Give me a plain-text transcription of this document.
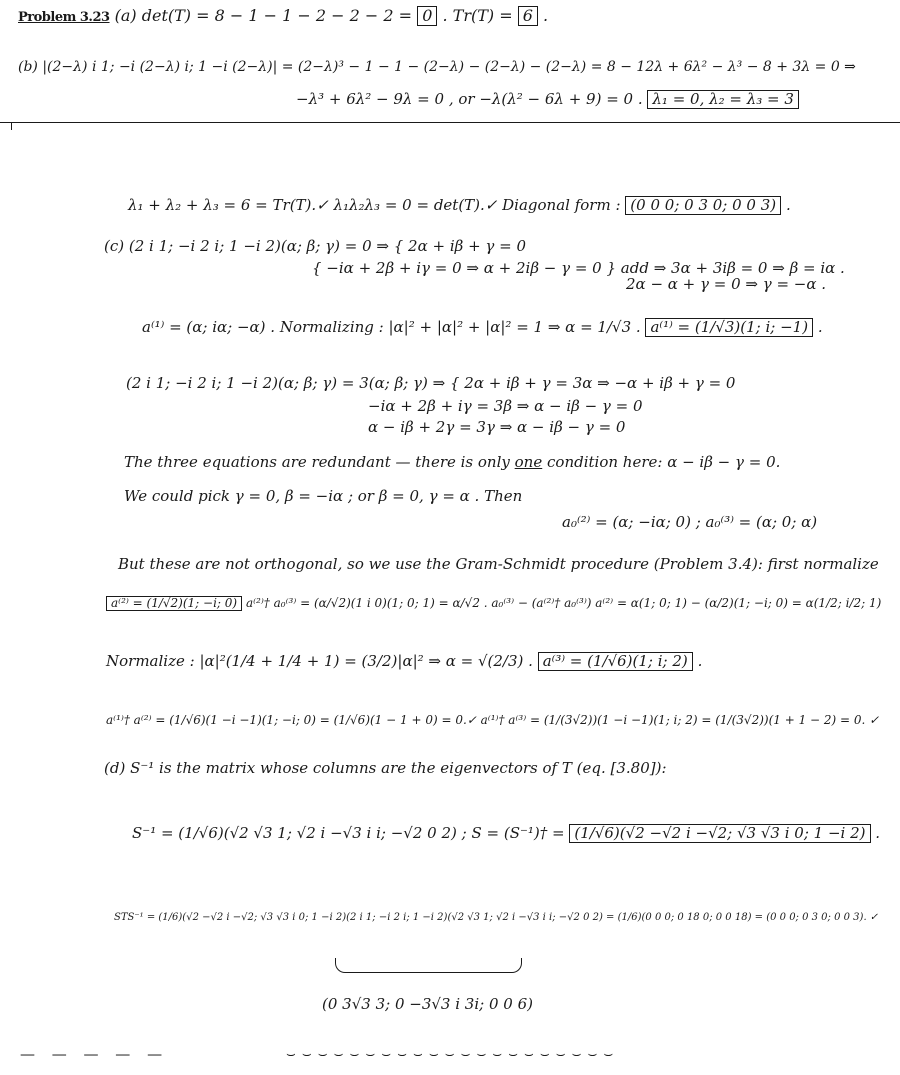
Problem 3.23 (a) det(T) = 8 − 1 − 1 − 2 − 2 − 2 = 0 . Tr(T) = 6 .
(b) |(2−λ) i 1; −i (2−λ) i; 1 −i (2−λ)| = (2−λ)³ − 1 − 1 − (2−λ) − (2−λ) − (2−λ) = 8 − 12λ + 6λ² − λ³ − 8 + 3λ = 0 ⇒
−λ³ + 6λ² − 9λ = 0 , or −λ(λ² − 6λ + 9) = 0 . λ₁ = 0, λ₂ = λ₃ = 3
λ₁ + λ₂ + λ₃ = 6 = Tr(T).✓ λ₁λ₂λ₃ = 0 = det(T).✓ Diagonal form : (0 0 0; 0 3 0; 0 0 3) .
(c) (2 i 1; −i 2 i; 1 −i 2)(α; β; γ) = 0 ⇒ { 2α + iβ + γ = 0
{ −iα + 2β + iγ = 0 ⇒ α + 2iβ − γ = 0 } add ⇒ 3α + 3iβ = 0 ⇒ β = iα .
2α − α + γ = 0 ⇒ γ = −α .
a⁽¹⁾ = (α; iα; −α) . Normalizing : |α|² + |α|² + |α|² = 1 ⇒ α = 1/√3 . a⁽¹⁾ = (1/√3)(1; i; −1) .
(2 i 1; −i 2 i; 1 −i 2)(α; β; γ) = 3(α; β; γ) ⇒ { 2α + iβ + γ = 3α ⇒ −α + iβ + γ = 0
−iα + 2β + iγ = 3β ⇒ α − iβ − γ = 0
α − iβ + 2γ = 3γ ⇒ α − iβ − γ = 0
The three equations are redundant — there is only one condition here: α − iβ − γ = 0.
We could pick γ = 0, β = −iα ; or β = 0, γ = α . Then
a₀⁽²⁾ = (α; −iα; 0) ; a₀⁽³⁾ = (α; 0; α)
But these are not orthogonal, so we use the Gram-Schmidt procedure (Problem 3.4): first normalize
a⁽²⁾ = (1/√2)(1; −i; 0) a⁽²⁾† a₀⁽³⁾ = (α/√2)(1 i 0)(1; 0; 1) = α/√2 . a₀⁽³⁾ − (a⁽²⁾† a₀⁽³⁾) a⁽²⁾ = α(1; 0; 1) − (α/2)(1; −i; 0) = α(1/2; i/2; 1)
Normalize : |α|²(1/4 + 1/4 + 1) = (3/2)|α|² ⇒ α = √(2/3) . a⁽³⁾ = (1/√6)(1; i; 2) .
a⁽¹⁾† a⁽²⁾ = (1/√6)(1 −i −1)(1; −i; 0) = (1/√6)(1 − 1 + 0) = 0.✓ a⁽¹⁾† a⁽³⁾ = (1/(3√2))(1 −i −1)(1; i; 2) = (1/(3√2))(1 + 1 − 2) = 0. ✓
(d) S⁻¹ is the matrix whose columns are the eigenvectors of T (eq. [3.80]):
S⁻¹ = (1/√6)(√2 √3 1; √2 i −√3 i i; −√2 0 2) ; S = (S⁻¹)† = (1/√6)(√2 −√2 i −√2; √3 √3 i 0; 1 −i 2) .
STS⁻¹ = (1/6)(√2 −√2 i −√2; √3 √3 i 0; 1 −i 2)(2 i 1; −i 2 i; 1 −i 2)(√2 √3 1; √2 i −√3 i i; −√2 0 2) = (1/6)(0 0 0; 0 18 0; 0 0 18) = (0 0 0; 0 3 0; 0 0 3). ✓
(0 3√3 3; 0 −3√3 i 3i; 0 0 6)
— — — — —	⌣⌣⌣⌣⌣⌣⌣⌣⌣⌣⌣⌣⌣⌣⌣⌣⌣⌣⌣⌣⌣
